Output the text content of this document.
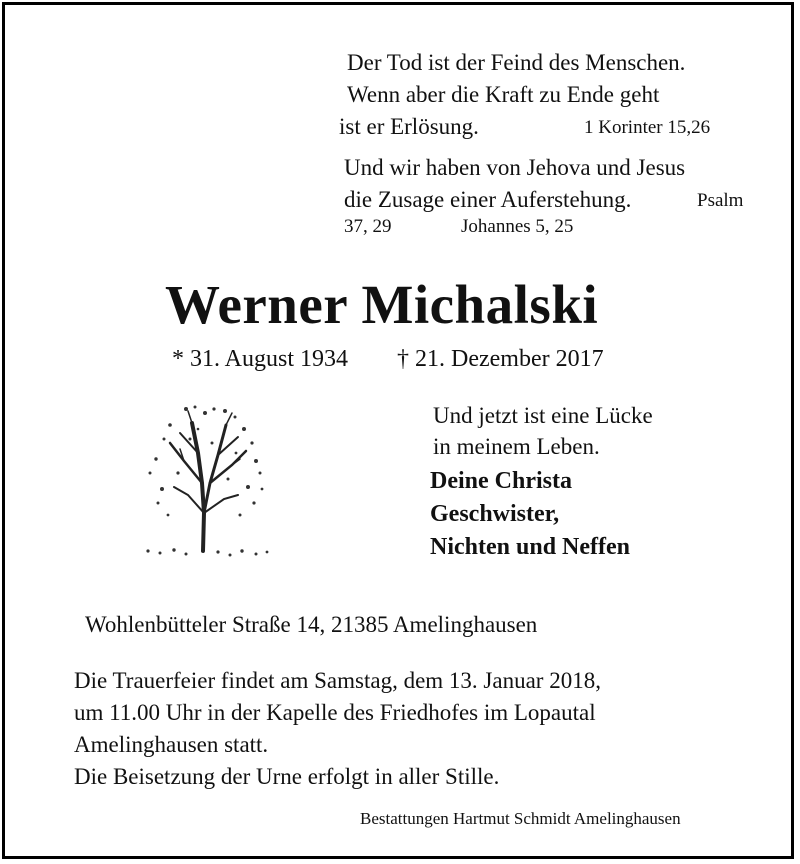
Der Tod ist der Feind des Menschen.
Wenn aber die Kraft zu Ende geht
ist er Erlösung.	1 Korinter 15,26
Und wir haben von Jehova und Jesus
die Zusage einer Auferstehung.	Psalm
37, 29	Johannes 5, 25
Werner Michalski
* 31. August 1934 † 21. Dezember 2017
Und jetzt ist eine Lücke
in meinem Leben.
Deine Christa
Geschwister,
Nichten und Neffen
Wohlenbütteler Straße 14, 21385 Amelinghausen
Die Trauerfeier findet am Samstag, dem 13. Januar 2018,
um 11.00 Uhr in der Kapelle des Friedhofes im Lopautal
Amelinghausen statt.
Die Beisetzung der Urne erfolgt in aller Stille.
Bestattungen Hartmut Schmidt Amelinghausen
